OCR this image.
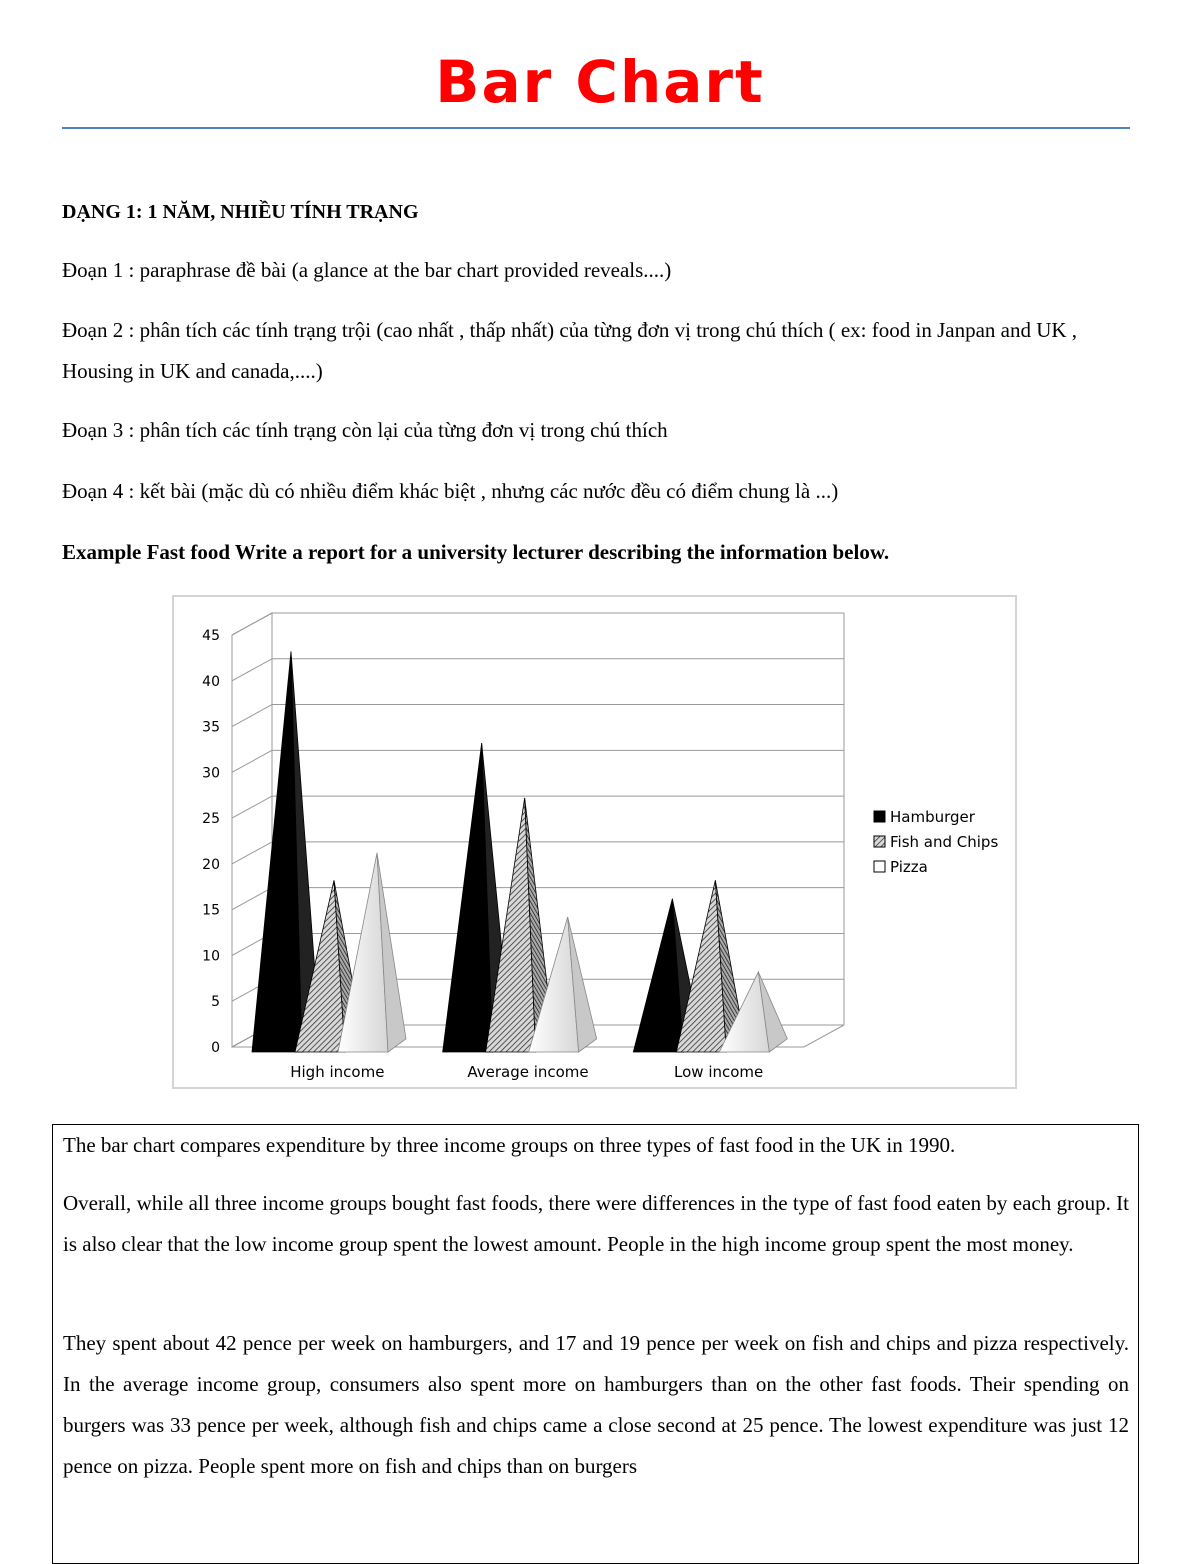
Bar Chart
DẠNG 1: 1 NĂM, NHIỀU TÍNH TRẠNG
Đoạn 1 : paraphrase đề bài (a glance at the bar chart provided reveals....)
Đoạn 2 : phân tích các tính trạng trội (cao nhất , thấp nhất) của từng đơn vị trong chú thích ( ex: food in Janpan and UK , Housing in UK and canada,....)
Đoạn 3 : phân tích các tính trạng còn lại của từng đơn vị trong chú thích
Đoạn 4 : kết bài (mặc dù có nhiều điểm khác biệt , nhưng các nước đều có điểm chung là ...)
Example Fast food Write a report for a university lecturer describing the information below.
0
5
10
15
20
25
30
35
40
45
High income	Average income	Low income
Hamburger
Fish and Chips
Pizza
The bar chart compares expenditure by three income groups on three types of fast food in the UK in 1990.
Overall, while all three income groups bought fast foods, there were differences in the type of fast food eaten by each group. It is also clear that the low income group spent the lowest amount. People in the high income group spent the most money.
They spent about 42 pence per week on hamburgers, and 17 and 19 pence per week on fish and chips and pizza respectively. In the average income group, consumers also spent more on hamburgers than on the other fast foods. Their spending on burgers was 33 pence per week, although fish and chips came a close second at 25 pence. The lowest expenditure was just 12 pence on pizza. People spent more on fish and chips than on burgers
